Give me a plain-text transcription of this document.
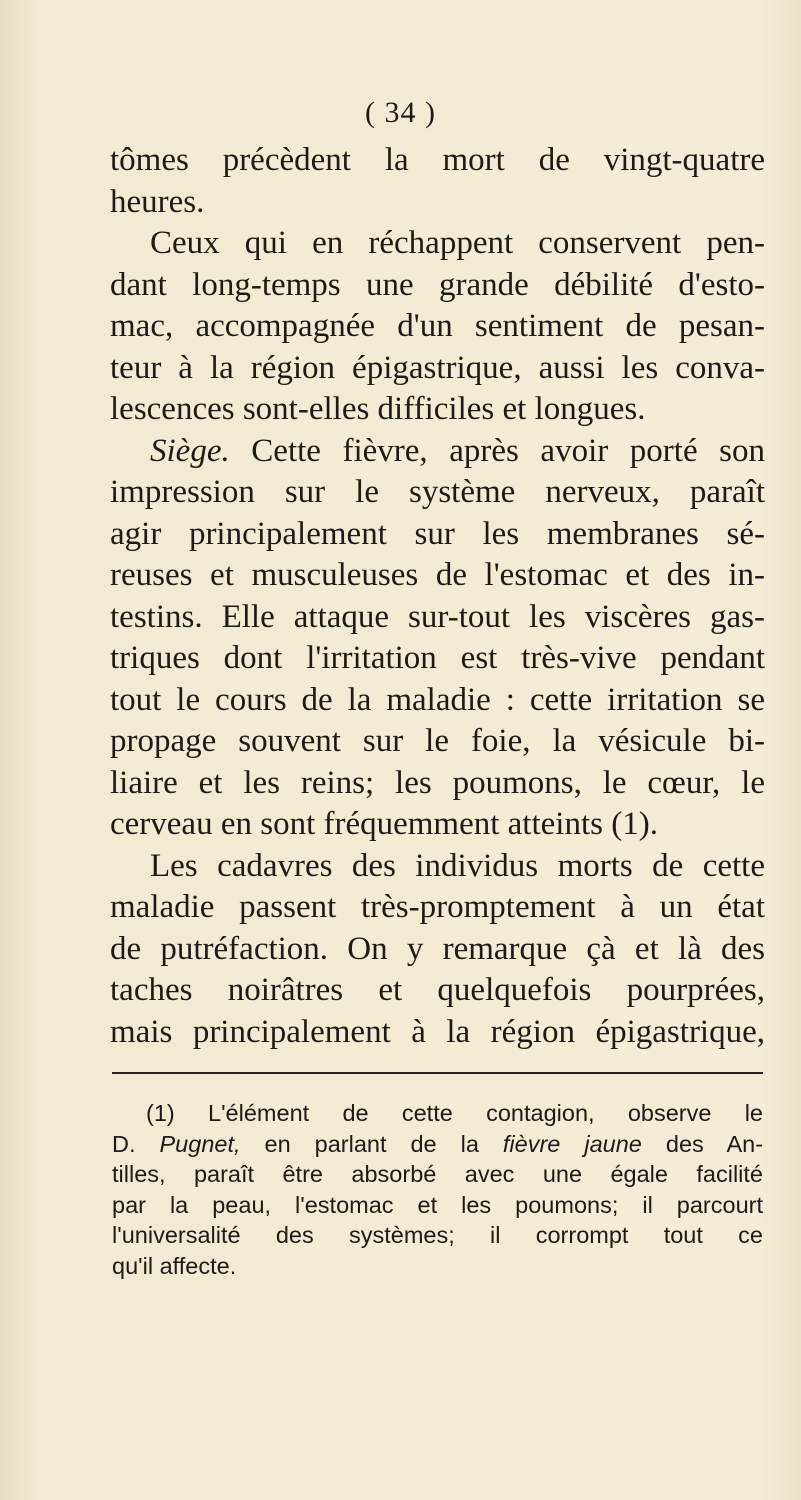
( 34 )
tômes précèdent la mort de vingt-quatre
heures.
Ceux qui en réchappent conservent pen-
dant long-temps une grande débilité d'esto-
mac, accompagnée d'un sentiment de pesan-
teur à la région épigastrique, aussi les conva-
lescences sont-elles difficiles et longues.
Siège. Cette fièvre, après avoir porté son
impression sur le système nerveux, paraît
agir principalement sur les membranes sé-
reuses et musculeuses de l'estomac et des in-
testins. Elle attaque sur-tout les viscères gas-
triques dont l'irritation est très-vive pendant
tout le cours de la maladie : cette irritation se
propage souvent sur le foie, la vésicule bi-
liaire et les reins; les poumons, le cœur, le
cerveau en sont fréquemment atteints (1).
Les cadavres des individus morts de cette
maladie passent très-promptement à un état
de putréfaction. On y remarque çà et là des
taches noirâtres et quelquefois pourprées,
mais principalement à la région épigastrique,
(1) L'élément de cette contagion, observe le
D. Pugnet, en parlant de la fièvre jaune des An-
tilles, paraît être absorbé avec une égale facilité
par la peau, l'estomac et les poumons; il parcourt
l'universalité des systèmes; il corrompt tout ce
qu'il affecte.
